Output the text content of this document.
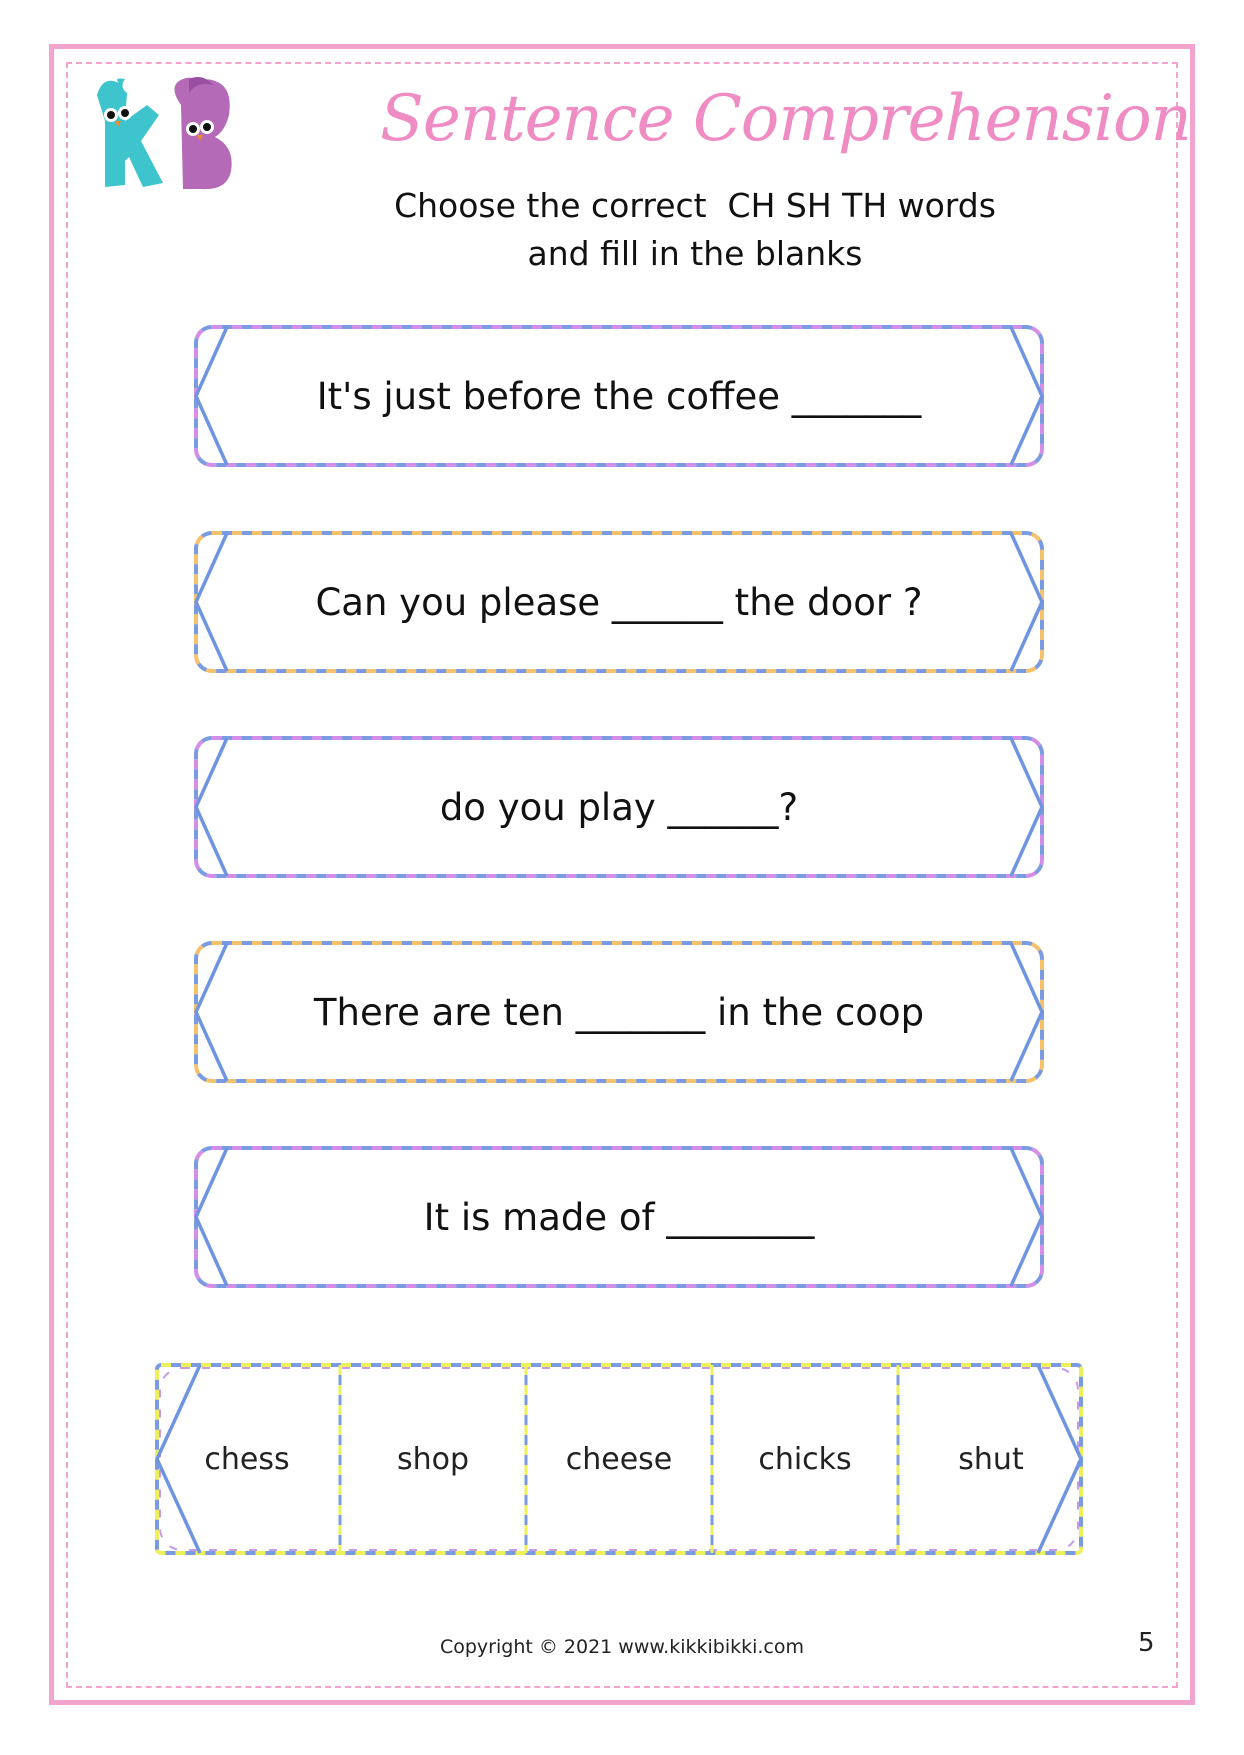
Sentence Comprehension
Choose the correct  CH SH TH words
and fill in the blanks
It's just before the coffee _______
Can you please ______ the door ?
do you play ______?
There are ten _______ in the coop
It is made of ________
chess	shop	cheese	chicks	shut
Copyright © 2021 www.kikkibikki.com	5
